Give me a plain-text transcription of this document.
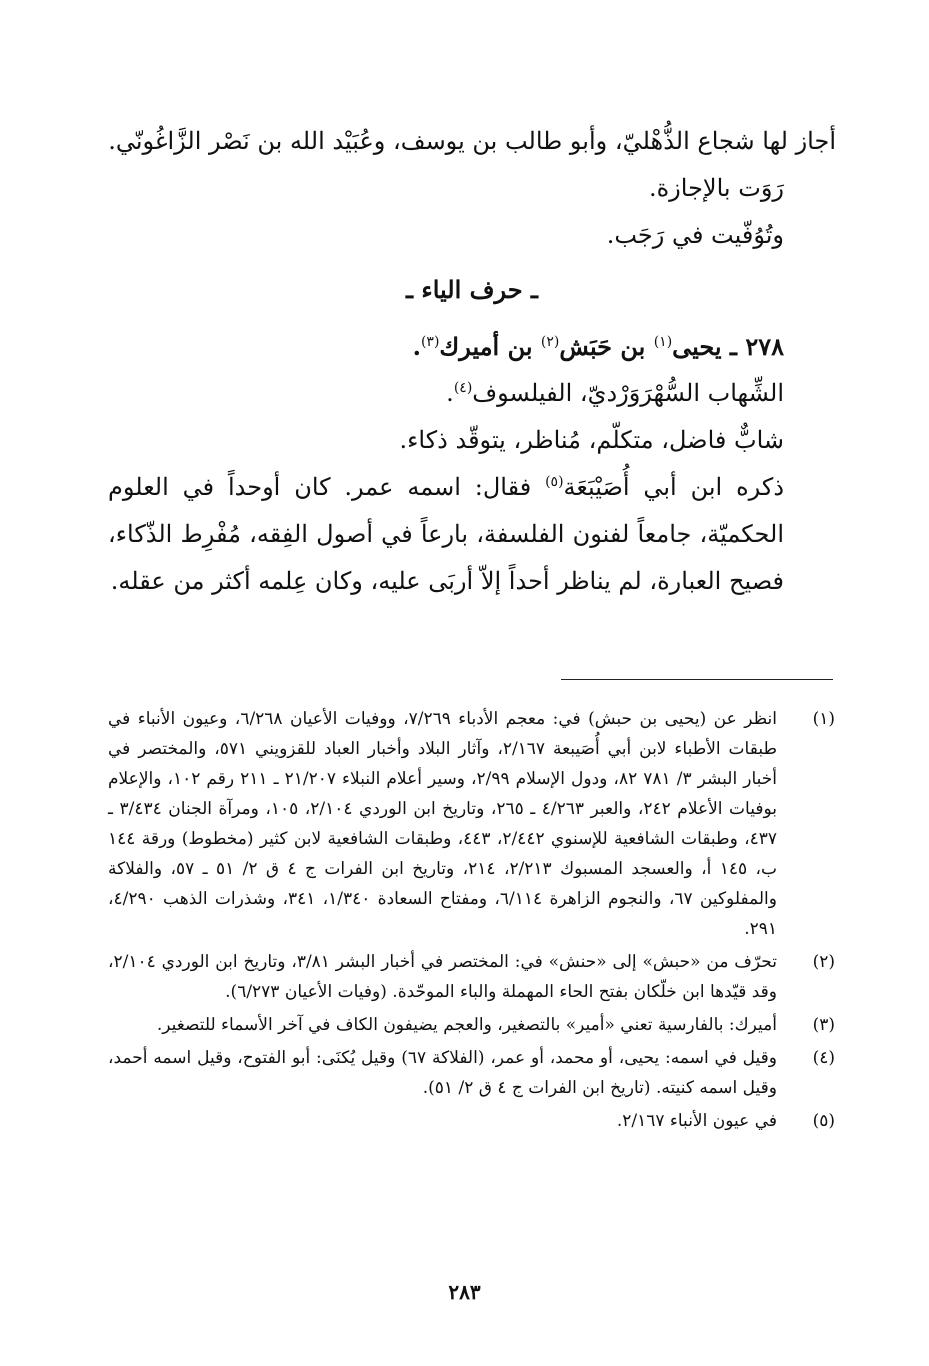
أجاز لها شجاع الذُّهْليّ، وأبو طالب بن يوسف، وعُبَيْد الله بن نَصْر الزَّاغُونّي.

رَوَت بالإجازة.

وتُوُفّيت في رَجَب.

ـ حرف الياء ـ

٢٧٨ ـ يحيى$^{(١)}$ بن حَبَش$^{(٢)}$ بن أميرك$^{(٣)}$.

الشِّهاب السُّهْرَوَرْديّ، الفيلسوف$^{(٤)}$.

شابٌّ فاضل، متكلّم، مُناظر، يتوقّد ذكاء.

ذكره ابن أبي أُصَيْبَعَة$^{(٥)}$ فقال: اسمه عمر. كان أوحداً في العلوم الحكميّة، جامعاً لفنون الفلسفة، بارعاً في أصول الفِقه، مُفْرِط الذّكاء، فصيح العبارة، لم يناظر أحداً إلاّ أربَى عليه، وكان عِلمه أكثر من عقله.

(١)
انظر عن (يحيى بن حبش) في: معجم الأدباء ٧/٢٦٩، ووفيات الأعيان ٦/٢٦٨، وعيون الأنباء في طبقات الأطباء لابن أبي أُصَيبعة ٢/١٦٧، وآثار البلاد وأخبار العباد للقزويني ٥٧١، والمختصر في أخبار البشر ٣/ ٧٨١ ٨٢، ودول الإسلام ٢/٩٩، وسير أعلام النبلاء ٢١/٢٠٧ ـ ٢١١ رقم ١٠٢، والإعلام بوفيات الأعلام ٢٤٢، والعبر ٤/٢٦٣ ـ ٢٦٥، وتاريخ ابن الوردي ٢/١٠٤، ١٠٥، ومرآة الجنان ٣/٤٣٤ ـ ٤٣٧، وطبقات الشافعية للإسنوي ٢/٤٤٢، ٤٤٣، وطبقات الشافعية لابن كثير (مخطوط) ورقة ١٤٤ ب، ١٤٥ أ، والعسجد المسبوك ٢/٢١٣، ٢١٤، وتاريخ ابن الفرات ج ٤ ق ٢/ ٥١ ـ ٥٧، والفلاكة والمفلوكين ٦٧، والنجوم الزاهرة ٦/١١٤، ومفتاح السعادة ١/٣٤٠، ٣٤١، وشذرات الذهب ٤/٢٩٠، ٢٩١.
(٢)
تحرّف من «حبش» إلى «حنش» في: المختصر في أخبار البشر ٣/٨١، وتاريخ ابن الوردي ٢/١٠٤، وقد قيّدها ابن خلّكان بفتح الحاء المهملة والباء الموحّدة. (وفيات الأعيان ٦/٢٧٣).
(٣)
أميرك: بالفارسية تعني «أمير» بالتصغير، والعجم يضيفون الكاف في آخر الأسماء للتصغير.
(٤)
وقيل في اسمه: يحيى، أو محمد، أو عمر، (الفلاكة ٦٧) وقيل يُكنَى: أبو الفتوح، وقيل اسمه أحمد، وقيل اسمه كنيته. (تاريخ ابن الفرات ج ٤ ق ٢/ ٥١).
(٥)
في عيون الأنباء ٢/١٦٧.
٢٨٣
